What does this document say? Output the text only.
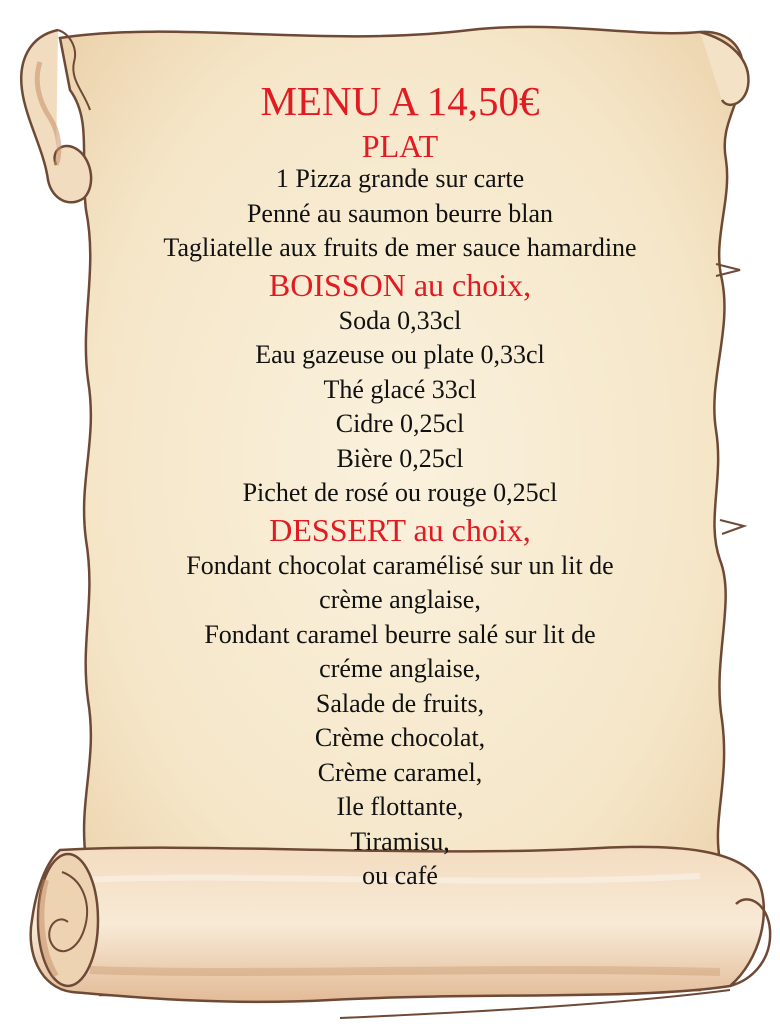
MENU A 14,50€
PLAT
1 Pizza grande sur carte
Penné au saumon beurre blan
Tagliatelle aux fruits de mer sauce hamardine
BOISSON au choix,
Soda 0,33cl
Eau gazeuse ou plate 0,33cl
Thé glacé 33cl
Cidre 0,25cl
Bière 0,25cl
Pichet de rosé ou rouge 0,25cl
DESSERT au choix,
Fondant chocolat caramélisé sur un lit de
crème anglaise,
Fondant caramel beurre salé sur lit de
créme anglaise,
Salade de fruits,
Crème chocolat,
Crème caramel,
Ile flottante,
Tiramisu,
ou café
